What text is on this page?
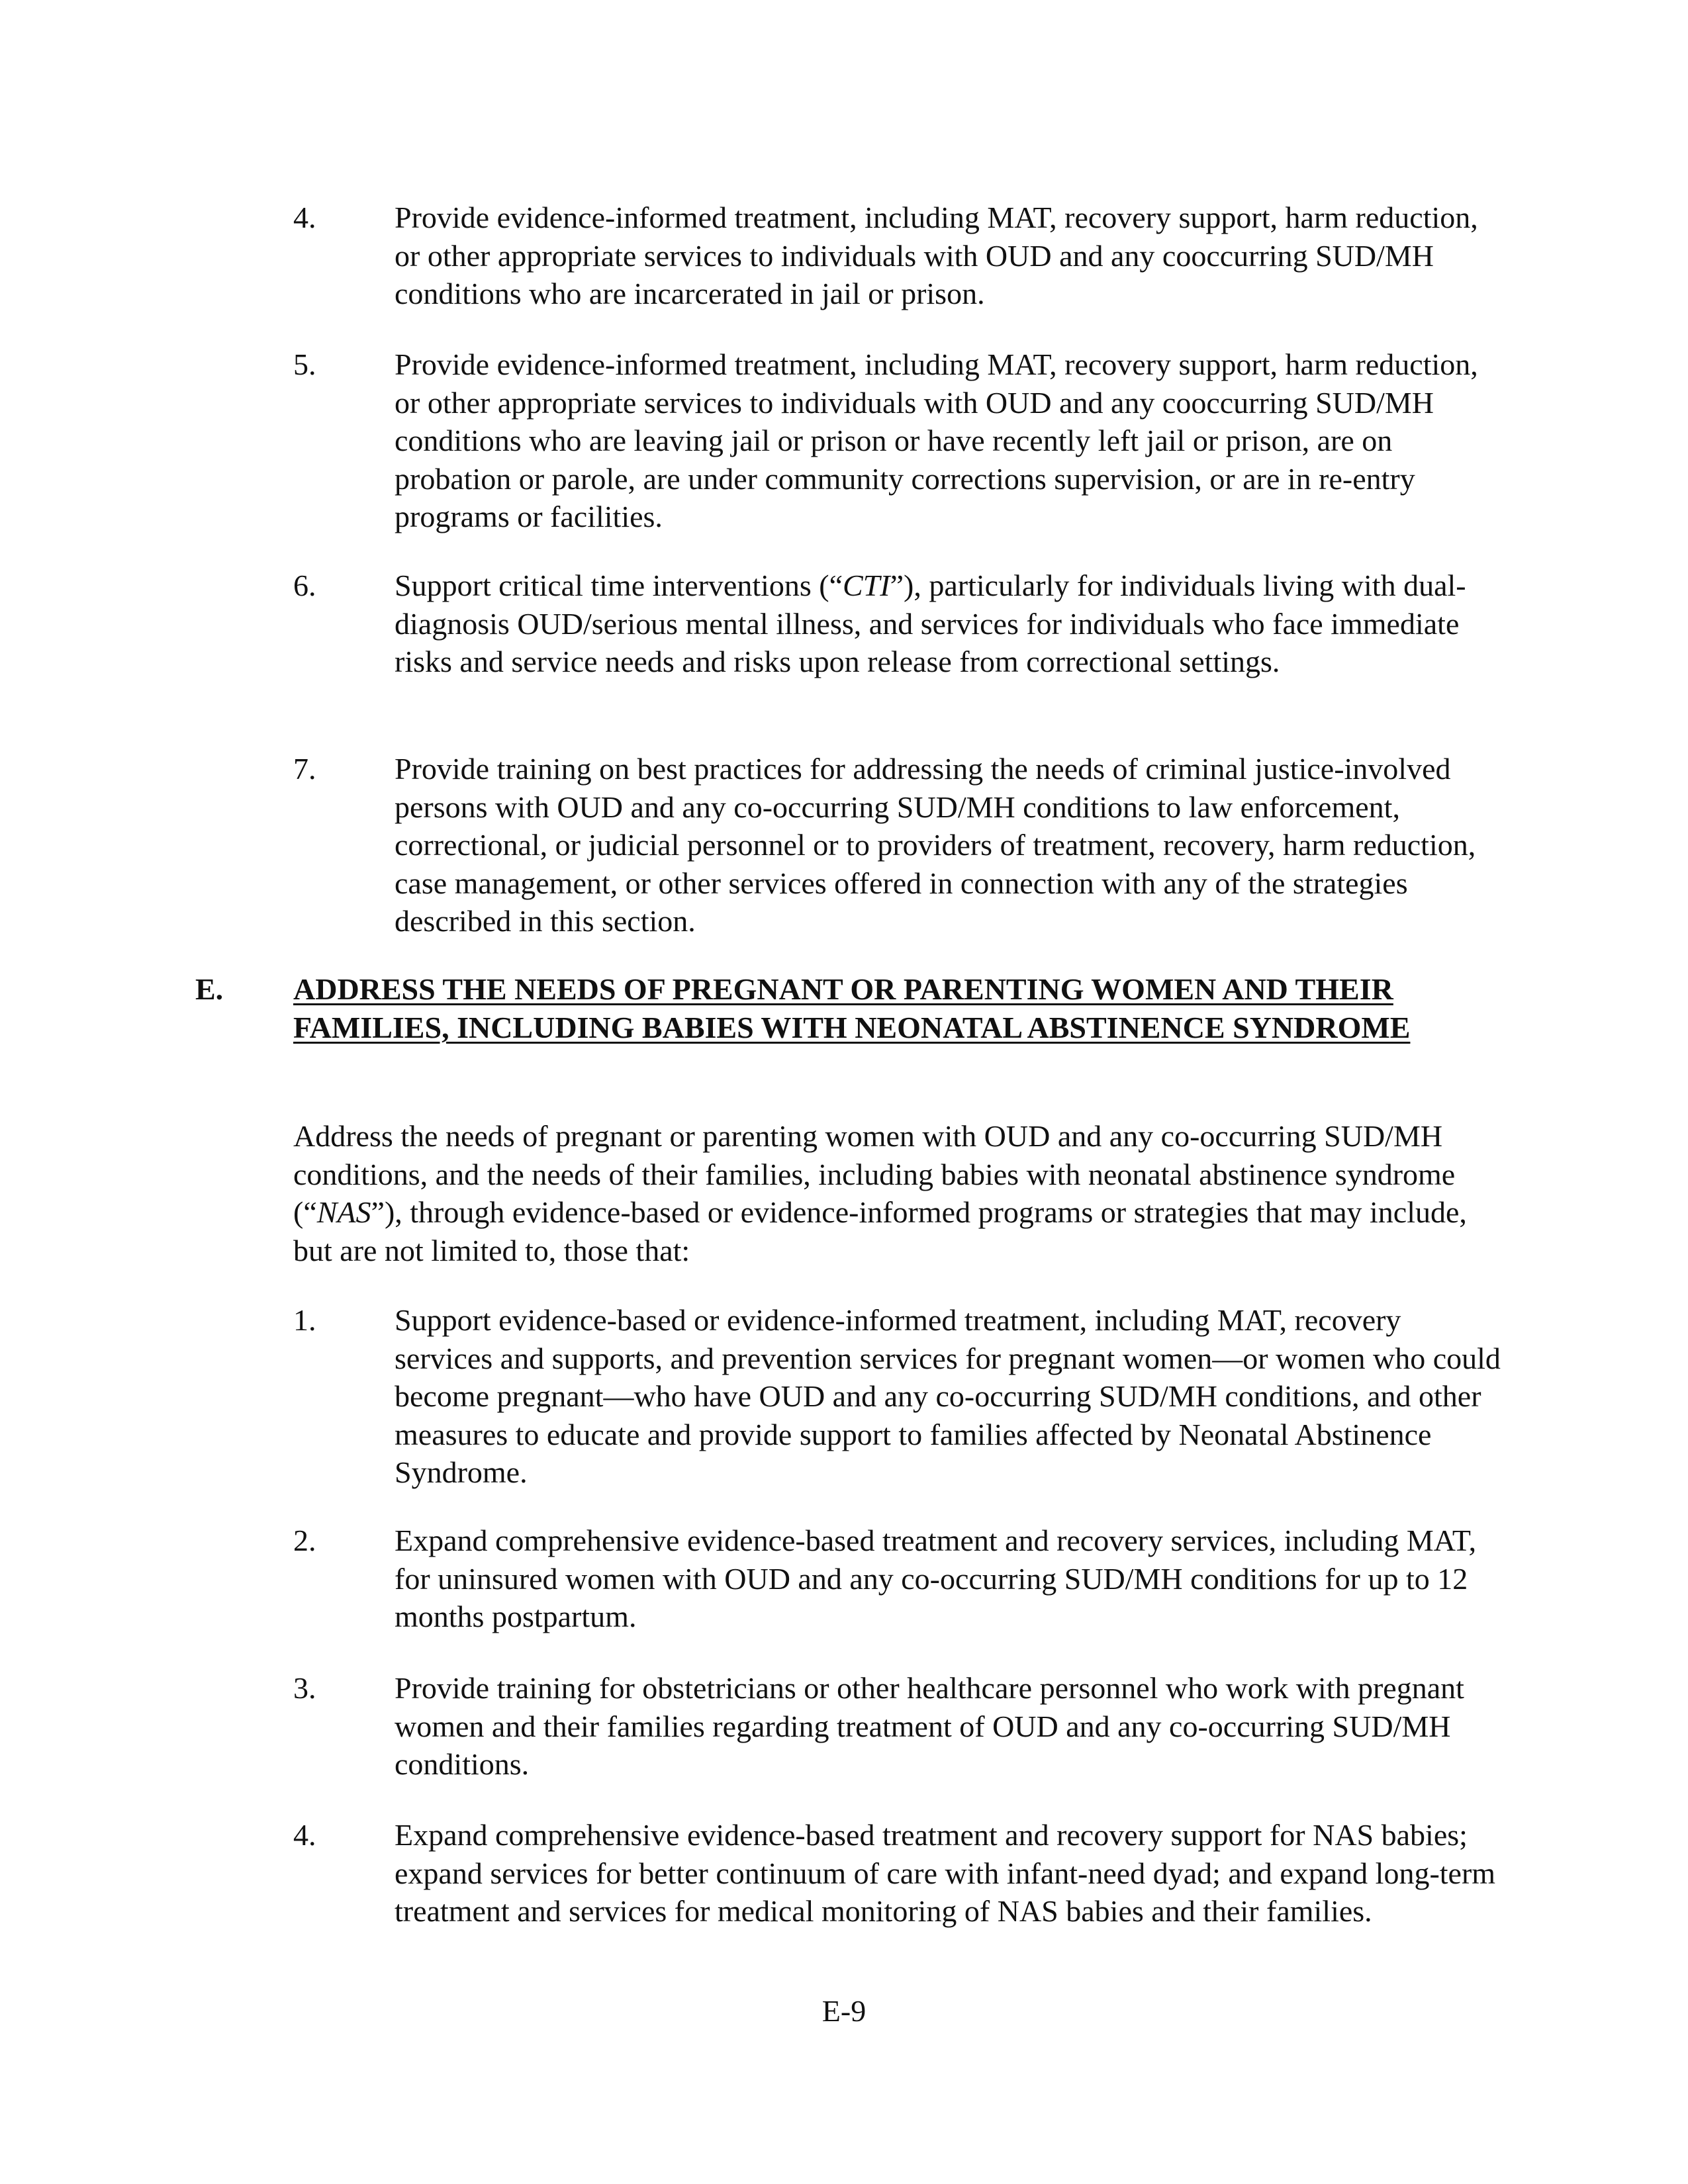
4.	Provide evidence-informed treatment, including MAT, recovery support, harm reduction, or other appropriate services to individuals with OUD and any cooccurring SUD/MH conditions who are incarcerated in jail or prison.
5.	Provide evidence-informed treatment, including MAT, recovery support, harm reduction, or other appropriate services to individuals with OUD and any cooccurring SUD/MH conditions who are leaving jail or prison or have recently left jail or prison, are on probation or parole, are under community corrections supervision, or are in re-entry programs or facilities.
6.	Support critical time interventions (“CTI”), particularly for individuals living with dual-diagnosis OUD/serious mental illness, and services for individuals who face immediate risks and service needs and risks upon release from correctional settings.
7.	Provide training on best practices for addressing the needs of criminal justice-involved persons with OUD and any co-occurring SUD/MH conditions to law enforcement, correctional, or judicial personnel or to providers of treatment, recovery, harm reduction, case management, or other services offered in connection with any of the strategies described in this section.
E. ADDRESS THE NEEDS OF PREGNANT OR PARENTING WOMEN AND THEIR FAMILIES, INCLUDING BABIES WITH NEONATAL ABSTINENCE SYNDROME
Address the needs of pregnant or parenting women with OUD and any co-occurring SUD/MH conditions, and the needs of their families, including babies with neonatal abstinence syndrome (“NAS”), through evidence-based or evidence-informed programs or strategies that may include, but are not limited to, those that:
1.	Support evidence-based or evidence-informed treatment, including MAT, recovery services and supports, and prevention services for pregnant women—or women who could become pregnant—who have OUD and any co-occurring SUD/MH conditions, and other measures to educate and provide support to families affected by Neonatal Abstinence Syndrome.
2.	Expand comprehensive evidence-based treatment and recovery services, including MAT, for uninsured women with OUD and any co-occurring SUD/MH conditions for up to 12 months postpartum.
3.	Provide training for obstetricians or other healthcare personnel who work with pregnant women and their families regarding treatment of OUD and any co-occurring SUD/MH conditions.
4.	Expand comprehensive evidence-based treatment and recovery support for NAS babies; expand services for better continuum of care with infant-need dyad; and expand long-term treatment and services for medical monitoring of NAS babies and their families.
E-9
